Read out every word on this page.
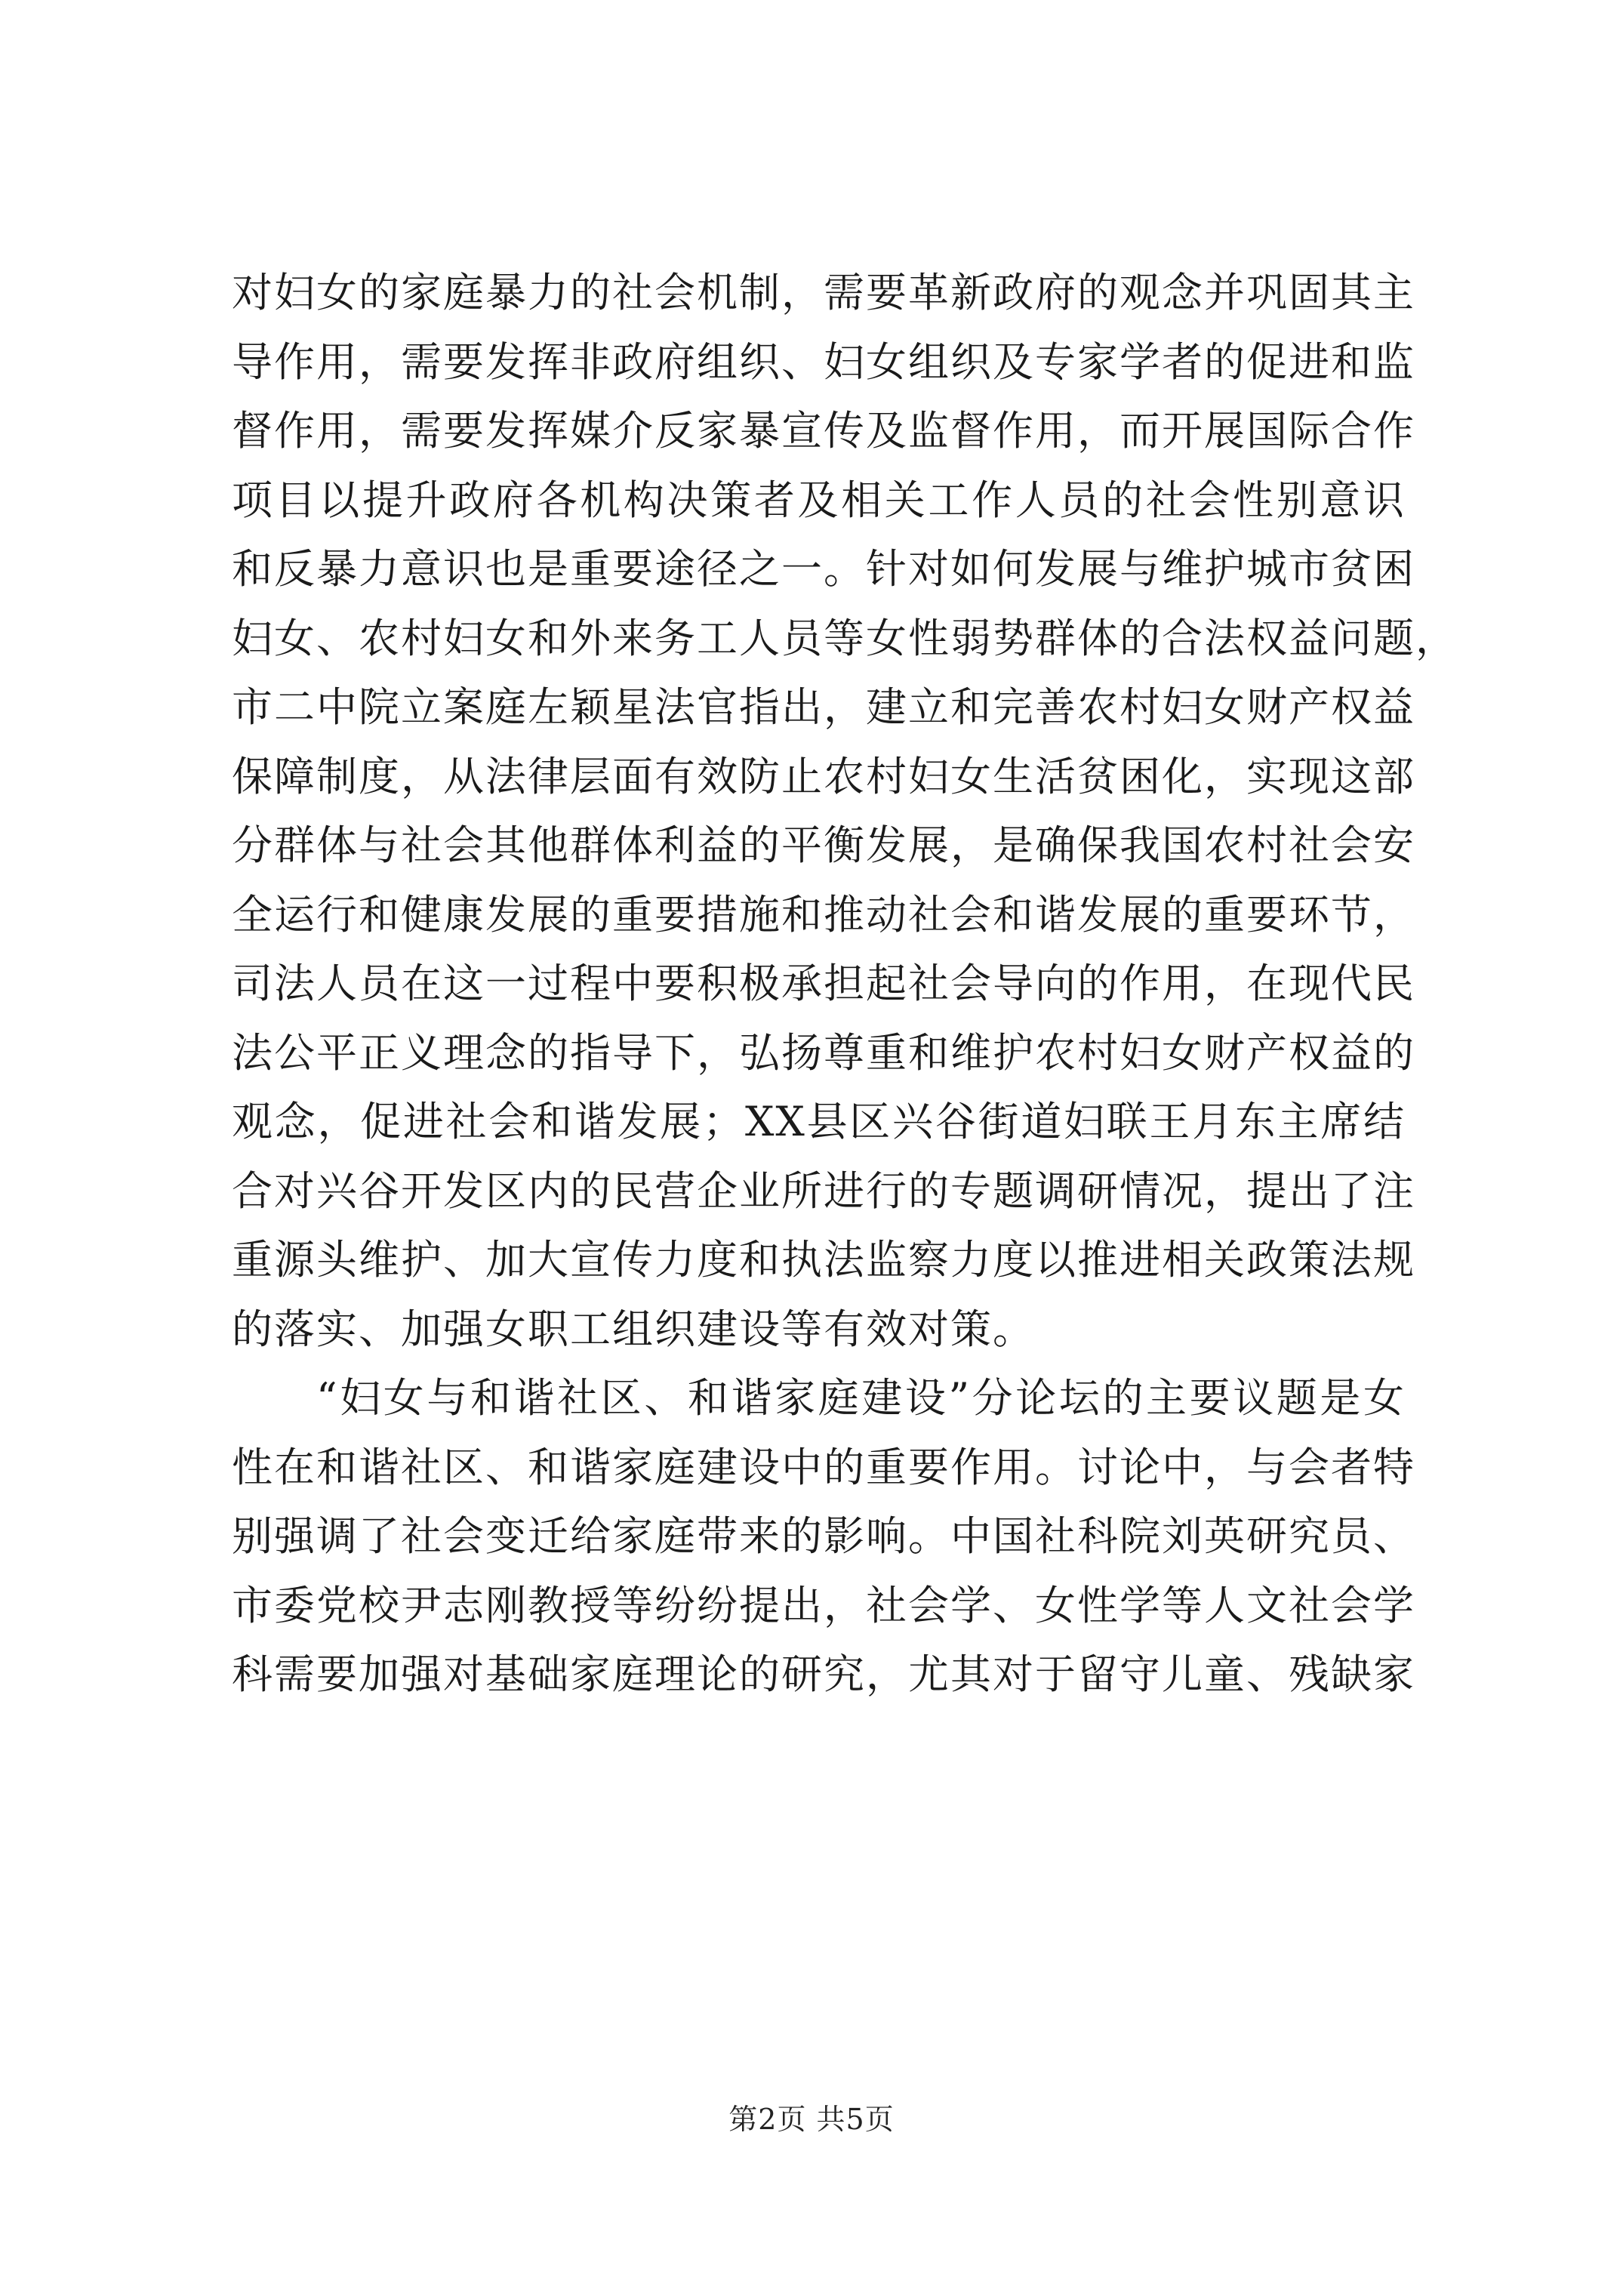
对妇女的家庭暴力的社会机制，需要革新政府的观念并巩固其主
导作用，需要发挥非政府组织、妇女组织及专家学者的促进和监
督作用，需要发挥媒介反家暴宣传及监督作用，而开展国际合作
项目以提升政府各机构决策者及相关工作人员的社会性别意识
和反暴力意识也是重要途径之一。针对如何发展与维护城市贫困
妇女、农村妇女和外来务工人员等女性弱势群体的合法权益问题，
市二中院立案庭左颖星法官指出，建立和完善农村妇女财产权益
保障制度，从法律层面有效防止农村妇女生活贫困化，实现这部
分群体与社会其他群体利益的平衡发展，是确保我国农村社会安
全运行和健康发展的重要措施和推动社会和谐发展的重要环节，
司法人员在这一过程中要积极承担起社会导向的作用，在现代民
法公平正义理念的指导下，弘扬尊重和维护农村妇女财产权益的
观念，促进社会和谐发展；XX县区兴谷街道妇联王月东主席结
合对兴谷开发区内的民营企业所进行的专题调研情况，提出了注
重源头维护、加大宣传力度和执法监察力度以推进相关政策法规
的落实、加强女职工组织建设等有效对策。
“妇女与和谐社区、和谐家庭建设”分论坛的主要议题是女
性在和谐社区、和谐家庭建设中的重要作用。讨论中，与会者特
别强调了社会变迁给家庭带来的影响。中国社科院刘英研究员、
市委党校尹志刚教授等纷纷提出，社会学、女性学等人文社会学
科需要加强对基础家庭理论的研究，尤其对于留守儿童、残缺家
第2页 共5页
